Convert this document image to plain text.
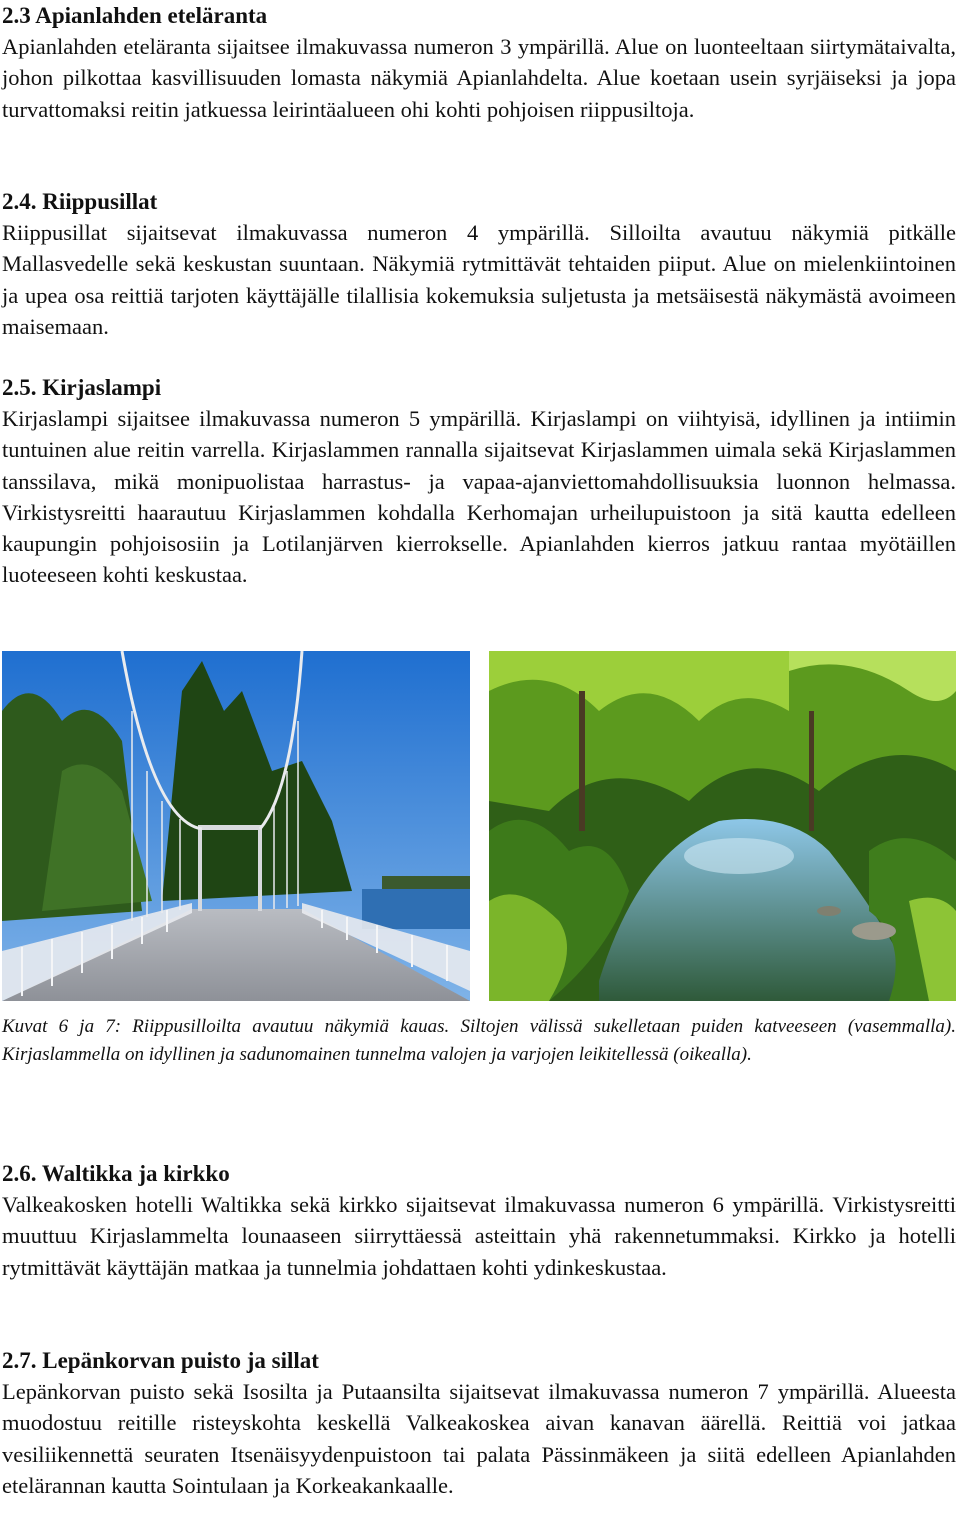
2.3 Apianlahden eteläranta

Apianlahden eteläranta sijaitsee ilmakuvassa numeron 3 ympärillä. Alue on luonteeltaan siirtymätaivalta, johon pilkottaa kasvillisuuden lomasta näkymiä Apianlahdelta. Alue koetaan usein syrjäiseksi ja jopa turvattomaksi reitin jatkuessa leirintäalueen ohi kohti pohjoisen riippusiltoja.

2.4. Riippusillat

Riippusillat sijaitsevat ilmakuvassa numeron 4 ympärillä. Silloilta avautuu näkymiä pitkälle Mallasvedelle sekä keskustan suuntaan. Näkymiä rytmittävät tehtaiden piiput. Alue on mielenkiintoinen ja upea osa reittiä tarjoten käyttäjälle tilallisia kokemuksia suljetusta ja metsäisestä näkymästä avoimeen maisemaan.

2.5. Kirjaslampi

Kirjaslampi sijaitsee ilmakuvassa numeron 5 ympärillä. Kirjaslampi on viihtyisä, idyllinen ja intiimin tuntuinen alue reitin varrella. Kirjaslammen rannalla sijaitsevat Kirjaslammen uimala sekä Kirjaslammen tanssilava, mikä monipuolistaa harrastus- ja vapaa-ajanviettomahdollisuuksia luonnon helmassa. Virkistysreitti haarautuu Kirjaslammen kohdalla Kerhomajan urheilupuistoon ja sitä kautta edelleen kaupungin pohjoisosiin ja Lotilanjärven kierrokselle. Apianlahden kierros jatkuu rantaa myötäillen luoteeseen kohti keskustaa.

Kuvat 6 ja 7: Riippusilloilta avautuu näkymiä kauas. Siltojen välissä sukelletaan puiden katveeseen (vasemmalla). Kirjaslammella on idyllinen ja sadunomainen tunnelma valojen ja varjojen leikitellessä (oikealla).
2.6. Waltikka ja kirkko

Valkeakosken hotelli Waltikka sekä kirkko sijaitsevat ilmakuvassa numeron 6 ympärillä. Virkistysreitti muuttuu Kirjaslammelta lounaaseen siirryttäessä asteittain yhä rakennetummaksi. Kirkko ja hotelli rytmittävät käyttäjän matkaa ja tunnelmia johdattaen kohti ydinkeskustaa.

2.7. Lepänkorvan puisto ja sillat

Lepänkorvan puisto sekä Isosilta ja Putaansilta sijaitsevat ilmakuvassa numeron 7 ympärillä. Alueesta muodostuu reitille risteyskohta keskellä Valkeakoskea aivan kanavan äärellä. Reittiä voi jatkaa vesiliikennettä seuraten Itsenäisyydenpuistoon tai palata Pässinmäkeen ja siitä edelleen Apianlahden etelärannan kautta Sointulaan ja Korkeakankaalle.
